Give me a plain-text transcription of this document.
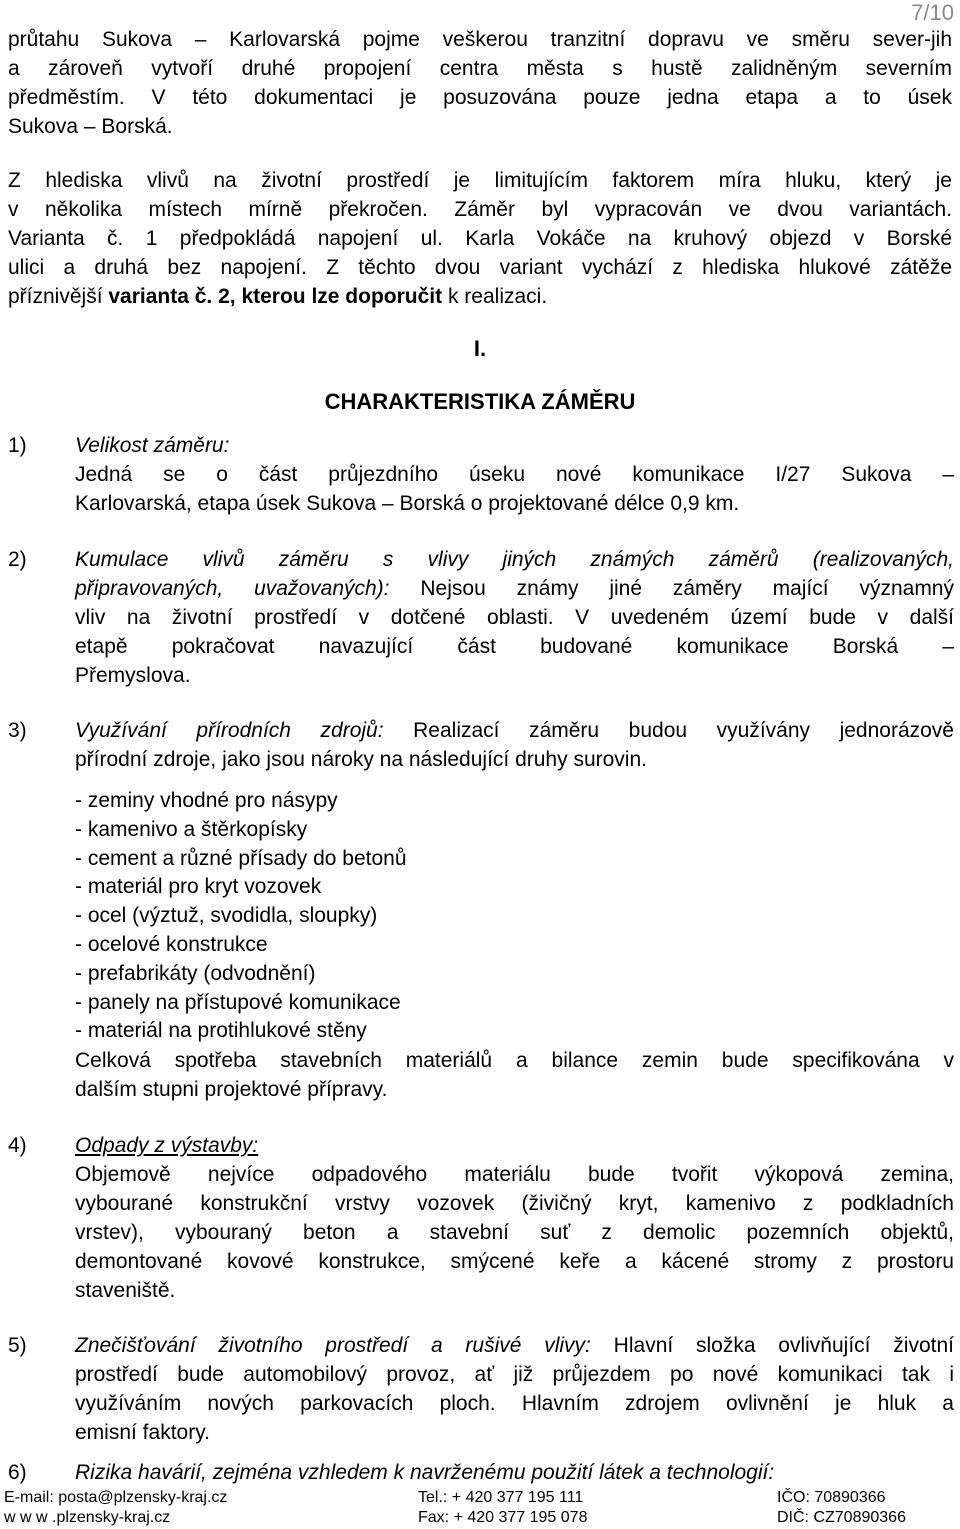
7/10
průtahu Sukova – Karlovarská pojme veškerou tranzitní dopravu ve směru sever-jih
a zároveň vytvoří druhé propojení centra města s hustě zalidněným severním
předměstím. V této dokumentaci je posuzována pouze jedna etapa a to úsek
Sukova – Borská.
Z hlediska vlivů na životní prostředí je limitujícím faktorem míra hluku, který je
v několika místech mírně překročen. Záměr byl vypracován ve dvou variantách.
Varianta č. 1 předpokládá napojení ul. Karla Vokáče na kruhový objezd v Borské
ulici a druhá bez napojení. Z těchto dvou variant vychází z hlediska hlukové zátěže
příznivější varianta č. 2, kterou lze doporučit k realizaci.
I.
CHARAKTERISTIKA ZÁMĚRU
1) Velikost záměru:
Jedná se o část průjezdního úseku nové komunikace I/27 Sukova –
Karlovarská, etapa úsek Sukova – Borská o projektované délce 0,9 km.
2) Kumulace vlivů záměru s vlivy jiných známých záměrů (realizovaných,
připravovaných, uvažovaných): Nejsou známy jiné záměry mající významný
vliv na životní prostředí v dotčené oblasti. V uvedeném území bude v další
etapě pokračovat navazující část budované komunikace Borská –
Přemyslova.
3) Využívání přírodních zdrojů: Realizací záměru budou využívány jednorázově
přírodní zdroje, jako jsou nároky na následující druhy surovin.
- zeminy vhodné pro násypy
- kamenivo a štěrkopísky
- cement a různé přísady do betonů
- materiál pro kryt vozovek
- ocel (výztuž, svodidla, sloupky)
- ocelové konstrukce
- prefabrikáty (odvodnění)
- panely na přístupové komunikace
- materiál na protihlukové stěny
Celková spotřeba stavebních materiálů a bilance zemin bude specifikována v
dalším stupni projektové přípravy.
4) Odpady z výstavby:
Objemově nejvíce odpadového materiálu bude tvořit výkopová zemina,
vybourané konstrukční vrstvy vozovek (živičný kryt, kamenivo z podkladních
vrstev), vybouraný beton a stavební suť z demolic pozemních objektů,
demontované kovové konstrukce, smýcené keře a kácené stromy z prostoru
staveniště.
5) Znečišťování životního prostředí a rušivé vlivy: Hlavní složka ovlivňující životní
prostředí bude automobilový provoz, ať již průjezdem po nové komunikaci tak i
využíváním nových parkovacích ploch. Hlavním zdrojem ovlivnění je hluk a
emisní faktory.
6) Rizika havárií, zejména vzhledem k navrženému použití látek a technologií:
E-mail: posta@plzensky-kraj.cz
w w w .plzensky-kraj.cz
Tel.: + 420 377 195 111
Fax: + 420 377 195 078
IČO: 70890366
DIČ: CZ70890366
